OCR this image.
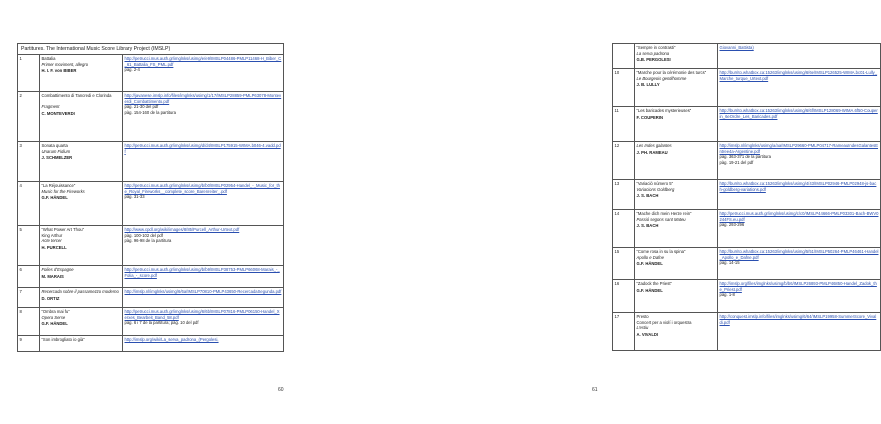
Partitures. The International Music Score Library Project (IMSLP)		
1	Battalia
Primer moviment, allegro
H. I. F. von BIBER	http://petrucci.mus.auth.gr/imglnks/usimg/e/e9/IMSLP04486-PMLP11468-H_Biber_C_61_Battalia_FS_PML.pdf
pàg. 2-4

2	Combattimento di Tancredi e Clorinda

Fragment
C. MONTEVERDI	http://javanese.imslp.info/files/imglnks/usimg/1/17/IMSLP28859-PMLP63078-Monteverdi_Combattimento.pdf
pàg. 21-30 del pdf
pàg. 154-160 de la partitura

3	Sonata quarta
Unarum Fidium
J. SCHMELZER	http://petrucci.mus.auth.gr/imglnks/usimg/d/d4/IMSLP175915-WIMA.b046-4.vadd.pdf

4	“La Réjouissance”
Music for the Fireworks
G.F. HÄNDEL	http://petrucci.mus.auth.gr/imglnks/usimg/b/b0/IMSLP02954-Handel_-_Music_for_the_Royal_Fireworks__complete_score_Barenreiter_.pdf
pàg. 31-33

5	“What Power Art Thou”
King Arthur
Acte tercer
H. PURCELL	http://www.cpdl.org/wiki/images/8/85/Purcell_Arthur-Urtext.pdf
pàg. 100-102 del pdf
pàg. 96-98 de la partitura

6	Folies d’Espagne
M. MARAIS	http://petrucci.mus.auth.gr/imglnks/usimg/b/b9/IMSLP38753-PMLP66068-Marais_-_Folia_-_score.pdf

7	Recercada sobre il passamezzo moderno
D. ORTIZ	http://imslp.nl/imglnks/usimg/6/6a/IMSLP70810-PMLP43650-RecercadaSegunda.pdf

8	“Ombra mai fu”
Opera Serse
G.F. HÄNDEL	http://petrucci.mus.auth.gr/imglnks/usimg/6/6b/IMSLP07816-PMLP06150-Handel_Xerxes_Bearbeit_Band_58.pdf
pàg. 6 i 7 de la partitura; pàg. 10 del pdf

9	“Son imbrogliato io già”	http://imslp.org/wiki/La_serva_padrona_(Pergolesi,
60

	“Sempre in contrasti”
La serva padrona
G.B. PERGOLESI	Giovanni_Battista)

10	“Marche pour la cérémonie des turcs”
Le Bourgeois gentilhomme
J. B. LULLY	http://burrito.whatbox.ca:15263/imglnks/usimg/6/6e/IMSLP126525-WIMA.bc01-Lully_Marche_turque_Urtext.pdf

11	“Les baricades mysterieuses”
F. COUPERIN	http://burrito.whatbox.ca:15263/imglnks/usimg/6/6f/IMSLP128069-WIMA.6f50-Couperin_6eOrdre_Les_Baricades.pdf

12	Les Indes galantes
J. PH. RAMEAU	http://imslp.nl/imglnks/usimg/a/aa/IMSLP29660-PMLP04717-RameauIndesGalantesEntree4a-Argentine.pdf
pàg. 363-371 de la partitura
pàg. 19-21 del pdf

13	“Variació número 5”
Variacions Goldberg
J. S. BACH	http://burrito.whatbox.ca:15263/imglnks/usimg/4/43/IMSLP02946-PMLP02948-js-bach-goldberg-variations.pdf

14	“Mache dich mein Herze rein”
Passió segons sant Mateu
J. S. BACH	http://petrucci.mus.auth.gr/imglnks/usimg/c/c0/IMSLP44666-PMLP03301-Bach-BWV0244FS.eu.pdf
pàg. 293-296

15	“Come rosa in su la spina”
Apollo e Dafne
G.F. HÄNDEL	http://burrito.whatbox.ca:15263/imglnks/usimg/5/51/IMSLP50264-PMLP46461-Handel_Apollo_e_Dafne.pdf
pàg. 14-15

16	“Zadock the Priest”
G.F. HÄNDEL	http://imslp.org/files/imglnks/usimg/b/b6/IMSLP26893-PMLP46850-Handel_Zadok_the_Priest.pdf
pàg. 1-8

17	Presto
Concert per a violí i orquestra
L’estiu
A. VIVALDI	http://conquest.imslp.info/files/imglnks/usimg/6/64/IMSLP19958-SummerScore_Vivaldi.pdf
61
